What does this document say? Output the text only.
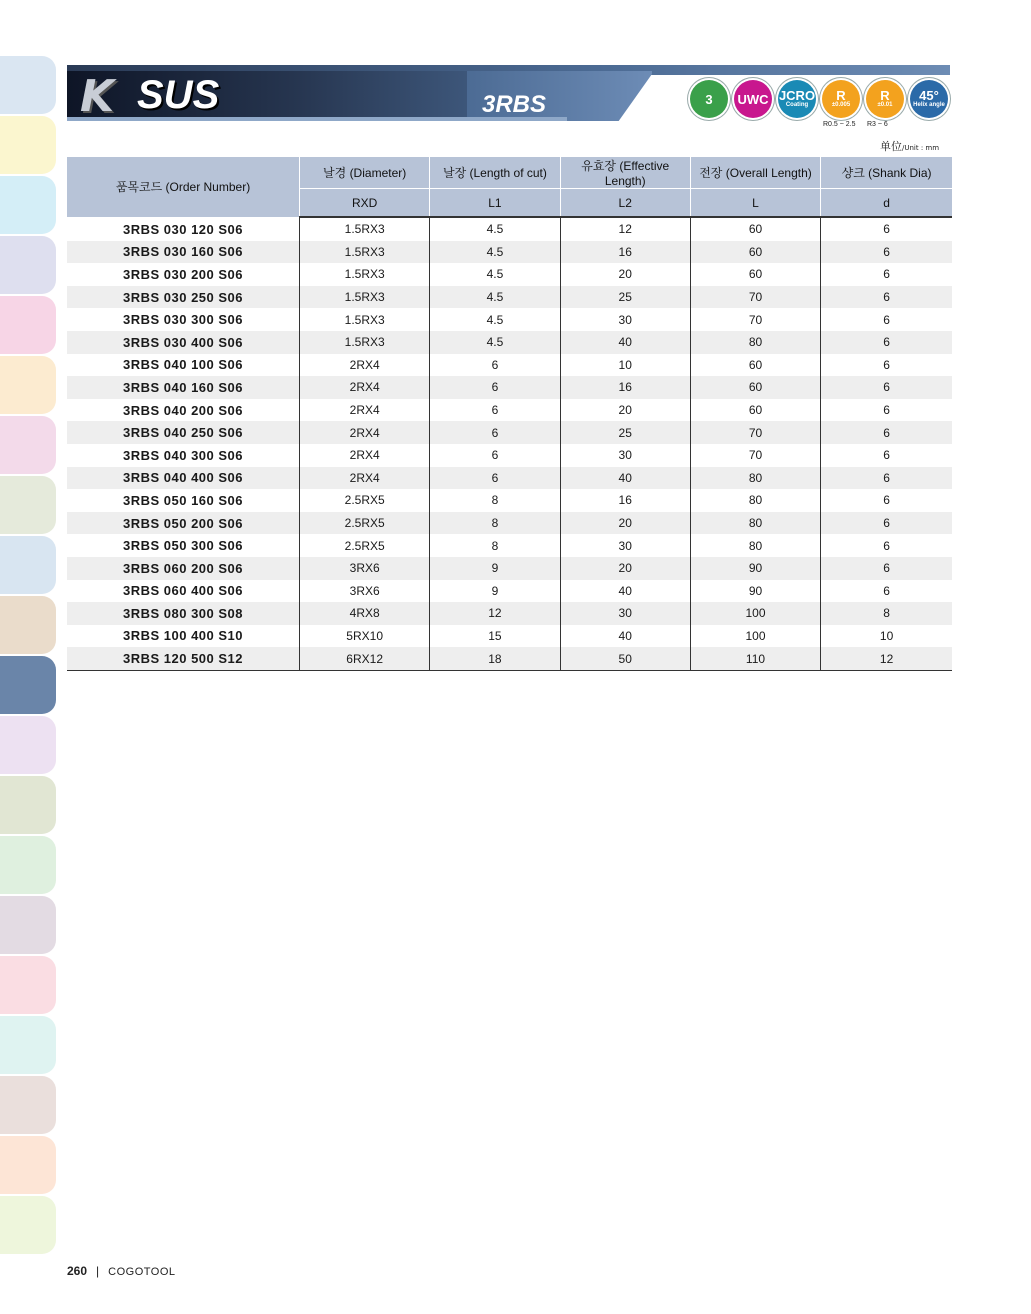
K SUS	3RBS	3 UWC JCRO
Coating
R
±0.005
R0.5 ~ 2.5
R
±0.01
R3 ~ 6
45°
Helix angle
单位/Unit : mm
품목코드 (Order Number)	날경 (Diameter)	날장 (Length of cut)	유효장 (Effective Length)	전장 (Overall Length)	샹크 (Shank Dia)
	RXD	L1	L2	L	d
3RBS 030 120 S06	1.5RX3	4.5	12	60	6
3RBS 030 160 S06	1.5RX3	4.5	16	60	6
3RBS 030 200 S06	1.5RX3	4.5	20	60	6
3RBS 030 250 S06	1.5RX3	4.5	25	70	6
3RBS 030 300 S06	1.5RX3	4.5	30	70	6
3RBS 030 400 S06	1.5RX3	4.5	40	80	6
3RBS 040 100 S06	2RX4	6	10	60	6
3RBS 040 160 S06	2RX4	6	16	60	6
3RBS 040 200 S06	2RX4	6	20	60	6
3RBS 040 250 S06	2RX4	6	25	70	6
3RBS 040 300 S06	2RX4	6	30	70	6
3RBS 040 400 S06	2RX4	6	40	80	6
3RBS 050 160 S06	2.5RX5	8	16	80	6
3RBS 050 200 S06	2.5RX5	8	20	80	6
3RBS 050 300 S06	2.5RX5	8	30	80	6
3RBS 060 200 S06	3RX6	9	20	90	6
3RBS 060 400 S06	3RX6	9	40	90	6
3RBS 080 300 S08	4RX8	12	30	100	8
3RBS 100 400 S10	5RX10	15	40	100	10
3RBS 120 500 S12	6RX12	18	50	110	12
260 | COGOTOOL
